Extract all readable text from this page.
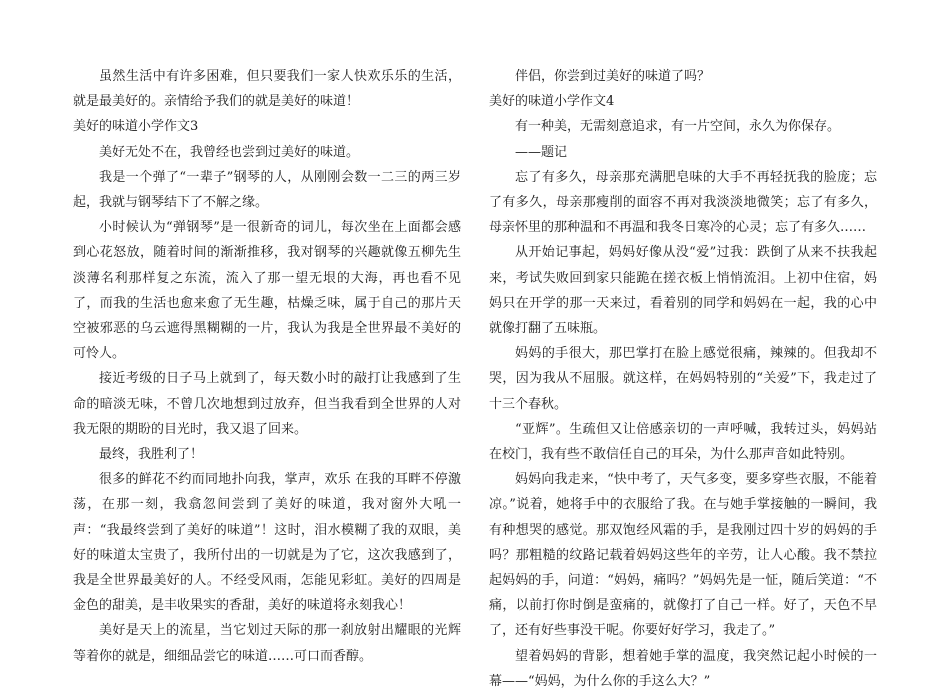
虽然生活中有许多困难，但只要我们一家人快欢乐乐的生活，就是最美好的。亲情给予我们的就是美好的味道！

美好的味道小学作文3

美好无处不在，我曾经也尝到过美好的味道。

我是一个弹了“一辈子”钢琴的人，从刚刚会数一二三的两三岁起，我就与钢琴结下了不解之缘。

小时候认为“弹钢琴”是一很新奇的词儿，每次坐在上面都会感到心花怒放，随着时间的渐渐推移，我对钢琴的兴趣就像五柳先生淡薄名利那样复之东流，流入了那一望无垠的大海，再也看不见了，而我的生活也愈来愈了无生趣，枯燥乏味，属于自己的那片天空被邪恶的乌云遮得黑糊糊的一片，我认为我是全世界最不美好的可怜人。

接近考级的日子马上就到了，每天数小时的敲打让我感到了生命的暗淡无味，不曾几次地想到过放弃，但当我看到全世界的人对我无限的期盼的目光时，我又退了回来。

最终，我胜利了！

很多的鲜花不约而同地扑向我，掌声，欢乐 在我的耳畔不停激荡，在那一刻，我翕忽间尝到了美好的味道，我对窗外大吼一声：“我最终尝到了美好的味道”！这时，泪水模糊了我的双眼，美好的味道太宝贵了，我所付出的一切就是为了它，这次我感到了，我是全世界最美好的人。不经受风雨，怎能见彩虹。美好的四周是金色的甜美，是丰收果实的香甜，美好的味道将永刻我心！

美好是天上的流星，当它划过天际的那一刹放射出耀眼的光辉等着你的就是，细细品尝它的味道……可口而香醇。

伴侣，你尝到过美好的味道了吗？

美好的味道小学作文4

有一种美，无需刻意追求，有一片空间，永久为你保存。

——题记

忘了有多久，母亲那充满肥皂味的大手不再轻抚我的脸庞；忘了有多久，母亲那瘦削的面容不再对我淡淡地微笑；忘了有多久，母亲怀里的那种温和不再温和我冬日寒冷的心灵；忘了有多久……

从开始记事起，妈妈好像从没“爱”过我：跌倒了从来不扶我起来，考试失败回到家只能跪在搓衣板上悄悄流泪。上初中住宿，妈妈只在开学的那一天来过，看着别的同学和妈妈在一起，我的心中就像打翻了五味瓶。

妈妈的手很大，那巴掌打在脸上感觉很痛，辣辣的。但我却不哭，因为我从不屈服。就这样，在妈妈特别的“关爱”下，我走过了十三个春秋。

“亚辉”。生疏但又让倍感亲切的一声呼喊，我转过头，妈妈站在校门，我有些不敢信任自己的耳朵，为什么那声音如此特别。

妈妈向我走来，“快中考了，天气多变，要多穿些衣服，不能着凉。”说着，她将手中的衣服给了我。在与她手掌接触的一瞬间，我有种想哭的感觉。那双饱经风霜的手，是我刚过四十岁的妈妈的手吗？那粗糙的纹路记载着妈妈这些年的辛劳，让人心酸。我不禁拉起妈妈的手，问道：“妈妈，痛吗？”妈妈先是一怔，随后笑道：“不痛，以前打你时倒是蛮痛的，就像打了自己一样。好了，天色不早了，还有好些事没干呢。你要好好学习，我走了。”

望着妈妈的背影，想着她手掌的温度，我突然记起小时候的一幕——“妈妈，为什么你的手这么大？”
